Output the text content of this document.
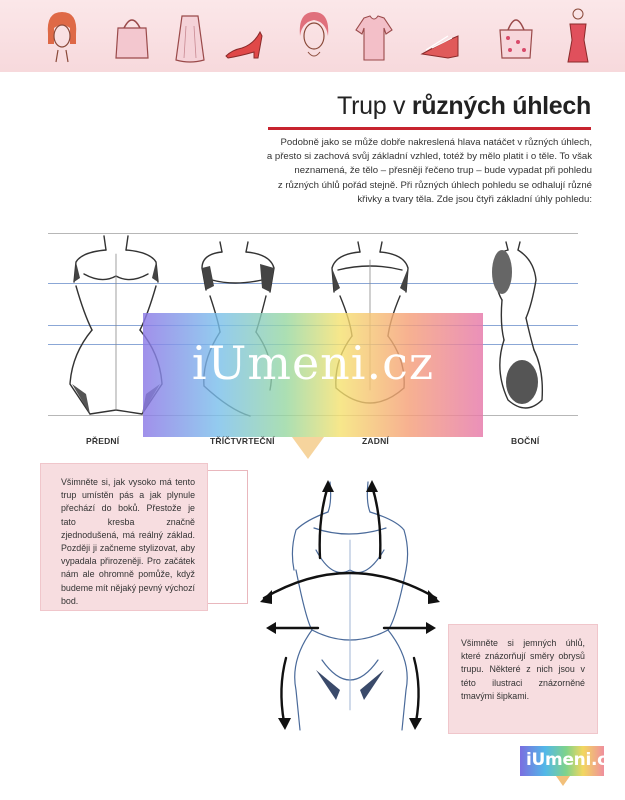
Trup v různých úhlech
Podobně jako se může dobře nakreslená hlava natáčet v různých úhlech,
a přesto si zachová svůj základní vzhled, totéž by mělo platit i o těle. To však
neznamená, že tělo – přesněji řečeno trup – bude vypadat při pohledu
z různých úhlů pořád stejně. Při různých úhlech pohledu se odhalují různé
křivky a tvary těla. Zde jsou čtyři základní úhly pohledu:
iUmeni.cz
PŘEDNÍ	TŘÍČTVRTEČNÍ	ZADNÍ	BOČNÍ

Všimněte si, jak vysoko má tento trup umístěn pás a jak plynule přechází do boků. Přestože je tato kresba značně zjednodušená, má reálný základ. Později ji začneme stylizovat, aby vypadala přirozeněji. Pro začátek nám ale ohromně pomůže, když budeme mít nějaký pevný výchozí bod.

Všimněte si jemných úhlů, které znázorňují směry obrysů trupu. Některé z nich jsou v této ilustraci znázorněné tmavými šipkami.

iUmeni.cz
